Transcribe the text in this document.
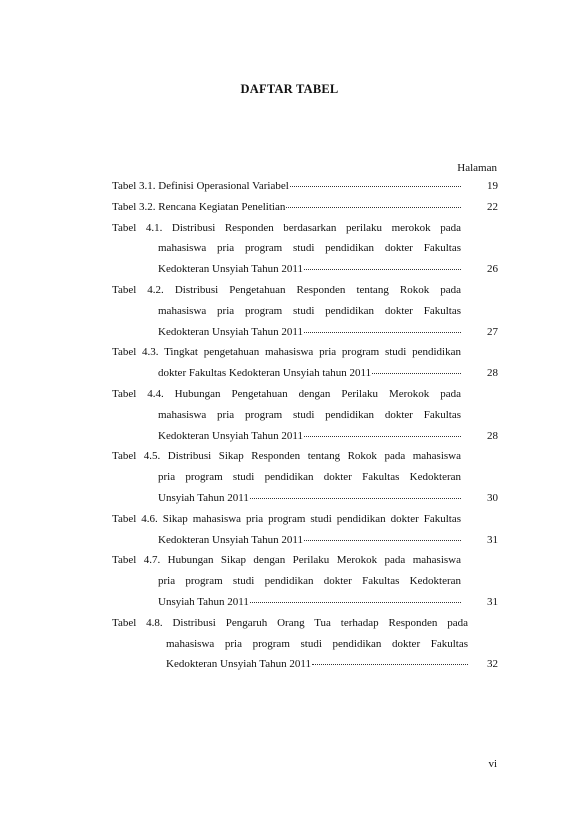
DAFTAR TABEL
Halaman
Tabel 3.1. Definisi Operasional Variabel	19
Tabel 3.2. Rencana Kegiatan Penelitian	22
Tabel 4.1. Distribusi Responden berdasarkan perilaku merokok pada
mahasiswa pria program studi pendidikan dokter Fakultas
Kedokteran Unsyiah Tahun 2011	26
Tabel 4.2. Distribusi Pengetahuan Responden tentang Rokok pada
mahasiswa pria program studi pendidikan dokter Fakultas
Kedokteran Unsyiah Tahun 2011	27
Tabel 4.3. Tingkat pengetahuan mahasiswa pria program studi pendidikan
dokter Fakultas Kedokteran Unsyiah tahun 2011	28
Tabel 4.4. Hubungan Pengetahuan dengan Perilaku Merokok pada
mahasiswa pria program studi pendidikan dokter Fakultas
Kedokteran Unsyiah Tahun 2011	28
Tabel 4.5. Distribusi Sikap Responden tentang Rokok pada mahasiswa
pria program studi pendidikan dokter Fakultas Kedokteran
Unsyiah Tahun 2011	30
Tabel 4.6. Sikap mahasiswa pria program studi pendidikan dokter Fakultas
Kedokteran Unsyiah Tahun 2011	31
Tabel 4.7. Hubungan Sikap dengan Perilaku Merokok pada mahasiswa
pria program studi pendidikan dokter Fakultas Kedokteran
Unsyiah Tahun 2011	31
Tabel 4.8. Distribusi Pengaruh Orang Tua terhadap Responden pada
mahasiswa pria program studi pendidikan dokter Fakultas
Kedokteran Unsyiah Tahun 2011	32
vi
